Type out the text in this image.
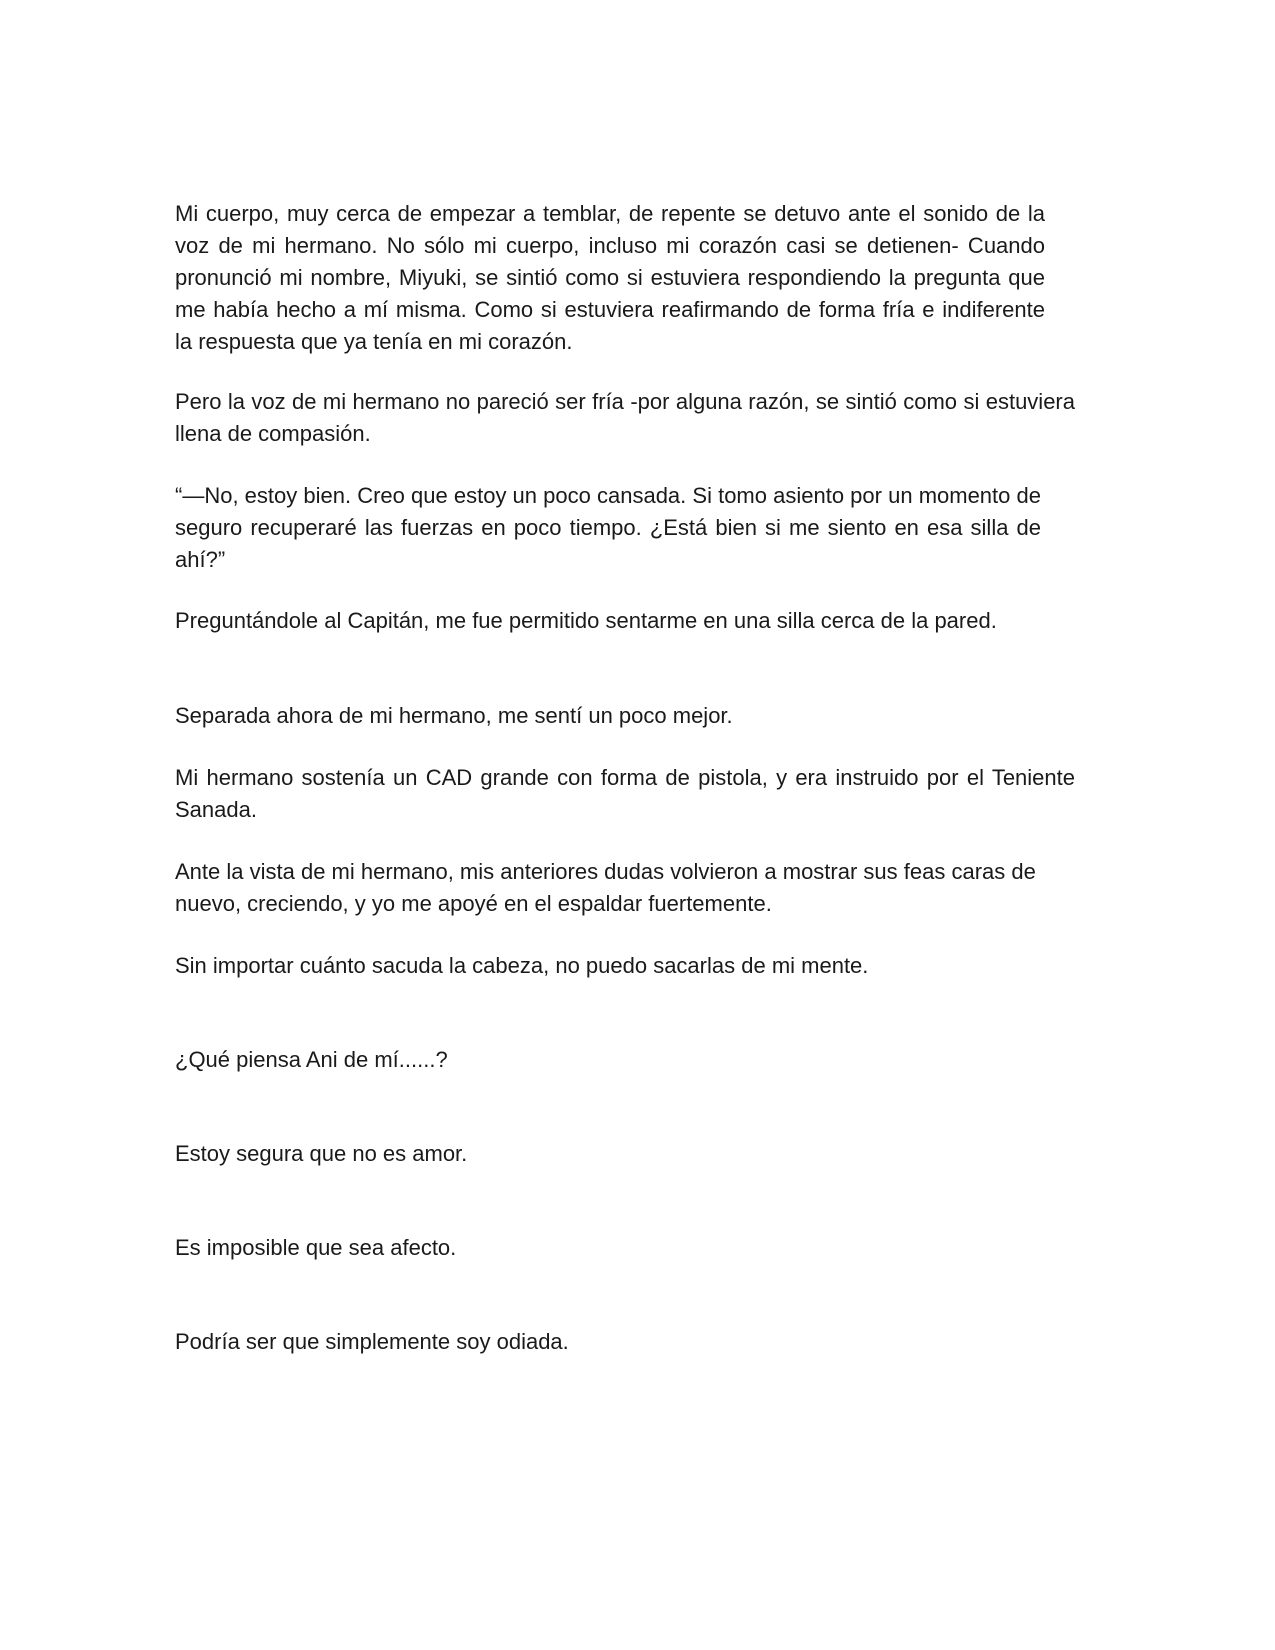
Mi cuerpo, muy cerca de empezar a temblar, de repente se detuvo ante el sonido de la voz de mi hermano. No sólo mi cuerpo, incluso mi corazón casi se detienen- Cuando pronunció mi nombre, Miyuki, se sintió como si estuviera respondiendo la pregunta que me había hecho a mí misma. Como si estuviera reafirmando de forma fría e indiferente la respuesta que ya tenía en mi corazón.

Pero la voz de mi hermano no pareció ser fría -por alguna razón, se sintió como si estuviera llena de compasión.

“—No, estoy bien. Creo que estoy un poco cansada. Si tomo asiento por un momento de seguro recuperaré las fuerzas en poco tiempo. ¿Está bien si me siento en esa silla de ahí?”

Preguntándole al Capitán, me fue permitido sentarme en una silla cerca de la pared.

Separada ahora de mi hermano, me sentí un poco mejor.

Mi hermano sostenía un CAD grande con forma de pistola, y era instruido por el Teniente Sanada.

Ante la vista de mi hermano, mis anteriores dudas volvieron a mostrar sus feas caras de nuevo, creciendo, y yo me apoyé en el espaldar fuertemente.

Sin importar cuánto sacuda la cabeza, no puedo sacarlas de mi mente.

¿Qué piensa Ani de mí......?

Estoy segura que no es amor.

Es imposible que sea afecto.

Podría ser que simplemente soy odiada.
